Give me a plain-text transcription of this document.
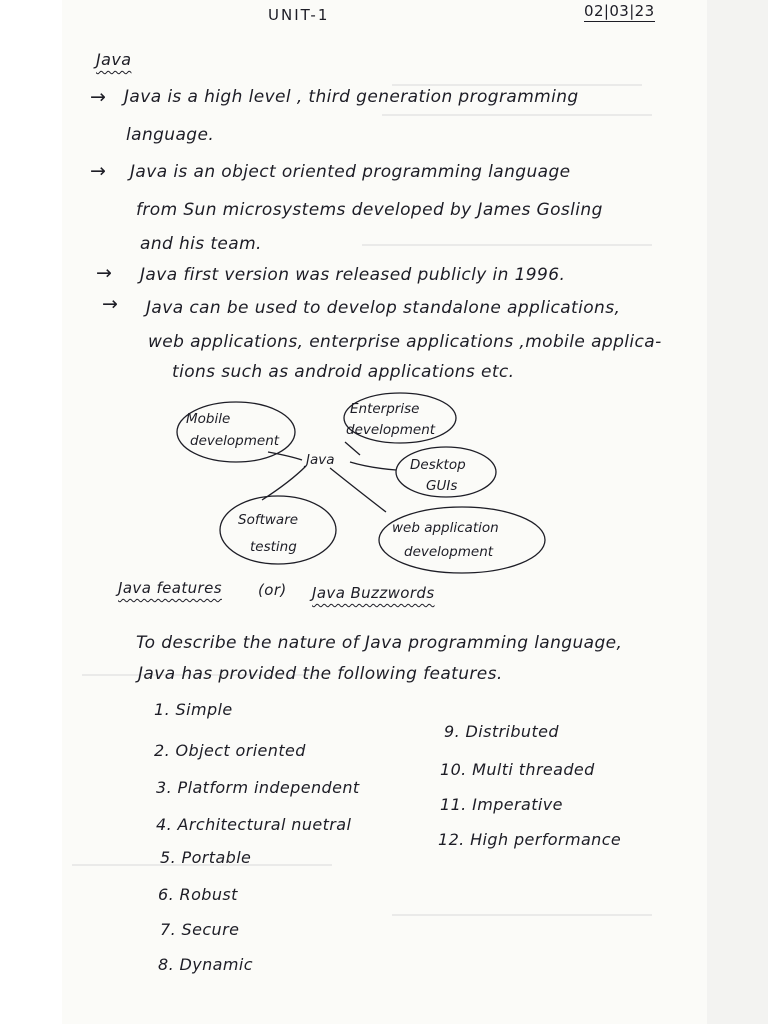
UNIT-1	02|03|23
Java
→ Java is a high level , third generation programming
language.
→ Java is an object oriented programming language
from Sun microsystems developed by James Gosling
and his team.
→ Java first version was released publicly in 1996.
→ Java can be used to develop standalone applications,
web applications, enterprise applications ,mobile applica-
tions such as android applications etc.
Java
Mobile
development
Enterprise
development
Desktop
GUIs
Software
testing
web application
development
Java features (or) Java Buzzwords
To describe the nature of Java programming language,
Java has provided the following features.
1. Simple
2. Object oriented
3. Platform independent
4. Architectural nuetral
5. Portable
6. Robust
7. Secure
8. Dynamic
9. Distributed
10. Multi threaded
11. Imperative
12. High performance
